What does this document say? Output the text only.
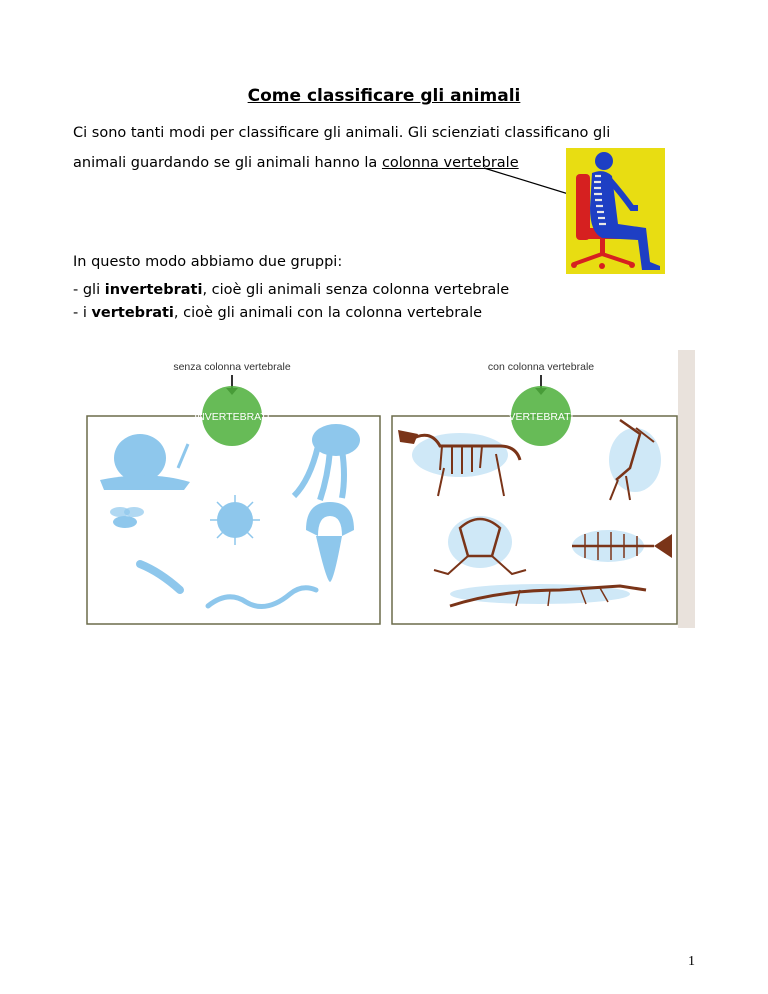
Come classificare gli animali
Ci sono tanti modi per classificare gli animali. Gli scienziati classificano gli
animali guardando se gli animali hanno la colonna vertebrale
In questo modo abbiamo due gruppi:
- gli invertebrati, cioè gli animali senza colonna vertebrale
- i vertebrati, cioè gli animali con la colonna vertebrale
senza colonna vertebrale
INVERTEBRATI
con colonna vertebrale
VERTEBRATI
1
